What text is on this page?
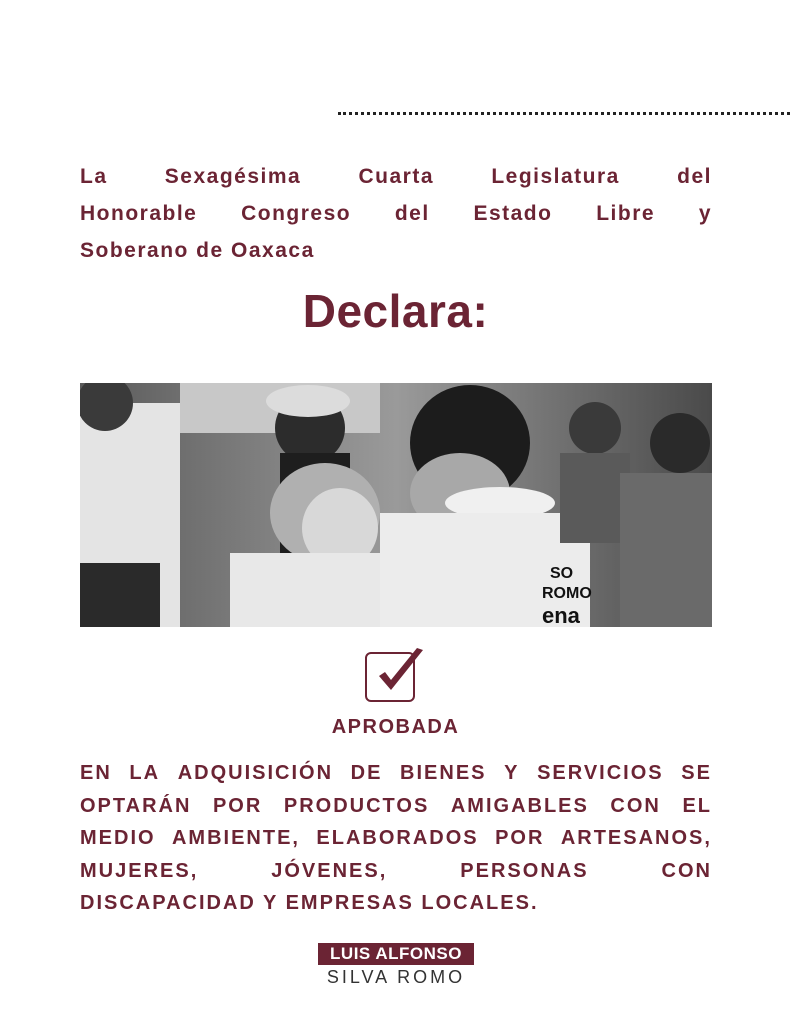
La	Sexagésima	Cuarta	Legislatura	del
Honorable Congreso del Estado Libre y
Soberano de Oaxaca
Declara:
SO
ROMO
ena
APROBADA
EN LA ADQUISICIÓN DE BIENES Y SERVICIOS SE
OPTARÁN POR PRODUCTOS AMIGABLES CON EL
MEDIO AMBIENTE, ELABORADOS POR ARTESANOS,
MUJERES,	JÓVENES,	PERSONAS	CON
DISCAPACIDAD Y EMPRESAS LOCALES.
LUIS ALFONSO
SILVA ROMO
